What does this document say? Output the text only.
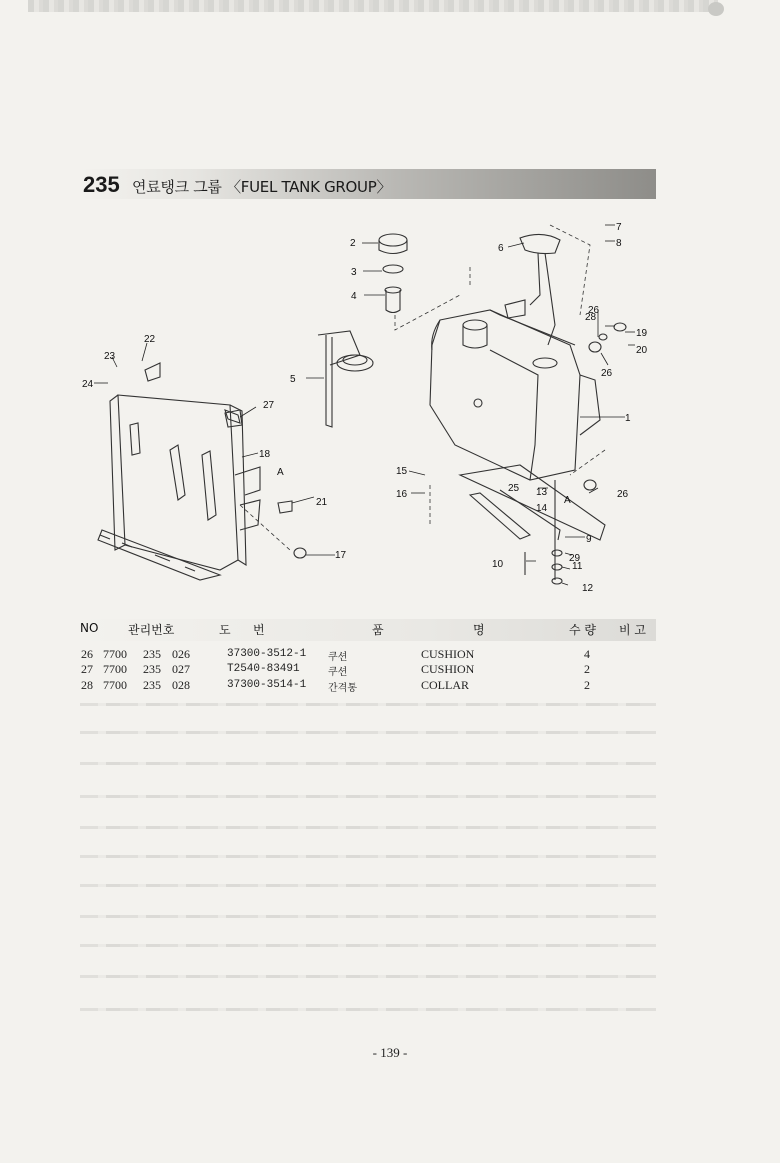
235 연료탱크 그룹 〈FUEL TANK GROUP〉
1
2
3
4
5
6
7
8
9
10	11
12
13
14
15
16
17
18
19
20
21
22
23
24
25
26
26
26
27
28
29
A
A
NO 관리번호	도 번	품	명	수 량 비 고
26 7700 235 026	37300-3512-1 쿠션	CUSHION	4
27 7700 235 027	T2540-83491	쿠션	CUSHION	2
28 7700 235 028	37300-3514-1 간격통	COLLAR	2
- 139 -
